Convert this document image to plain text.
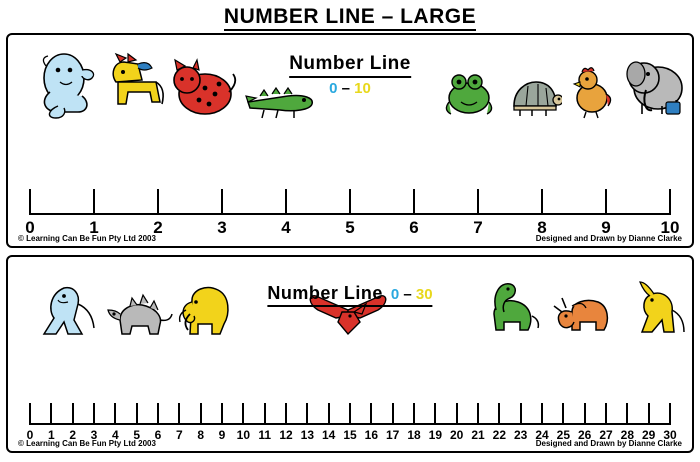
NUMBER LINE – LARGE
Number Line
0 – 10
0	1	2	3	4	5	6	7	8	9	10
© Learning Can Be Fun Pty Ltd 2003	Designed and Drawn by Dianne Clarke
Number Line 0 – 30
0 1 2 3 4 5 6 7 8 9 10 11 12 13 14 15 16 17 18 19 20 21 22 23 24 25 26 27 28 29 30
© Learning Can Be Fun Pty Ltd 2003	Designed and Drawn by Dianne Clarke
